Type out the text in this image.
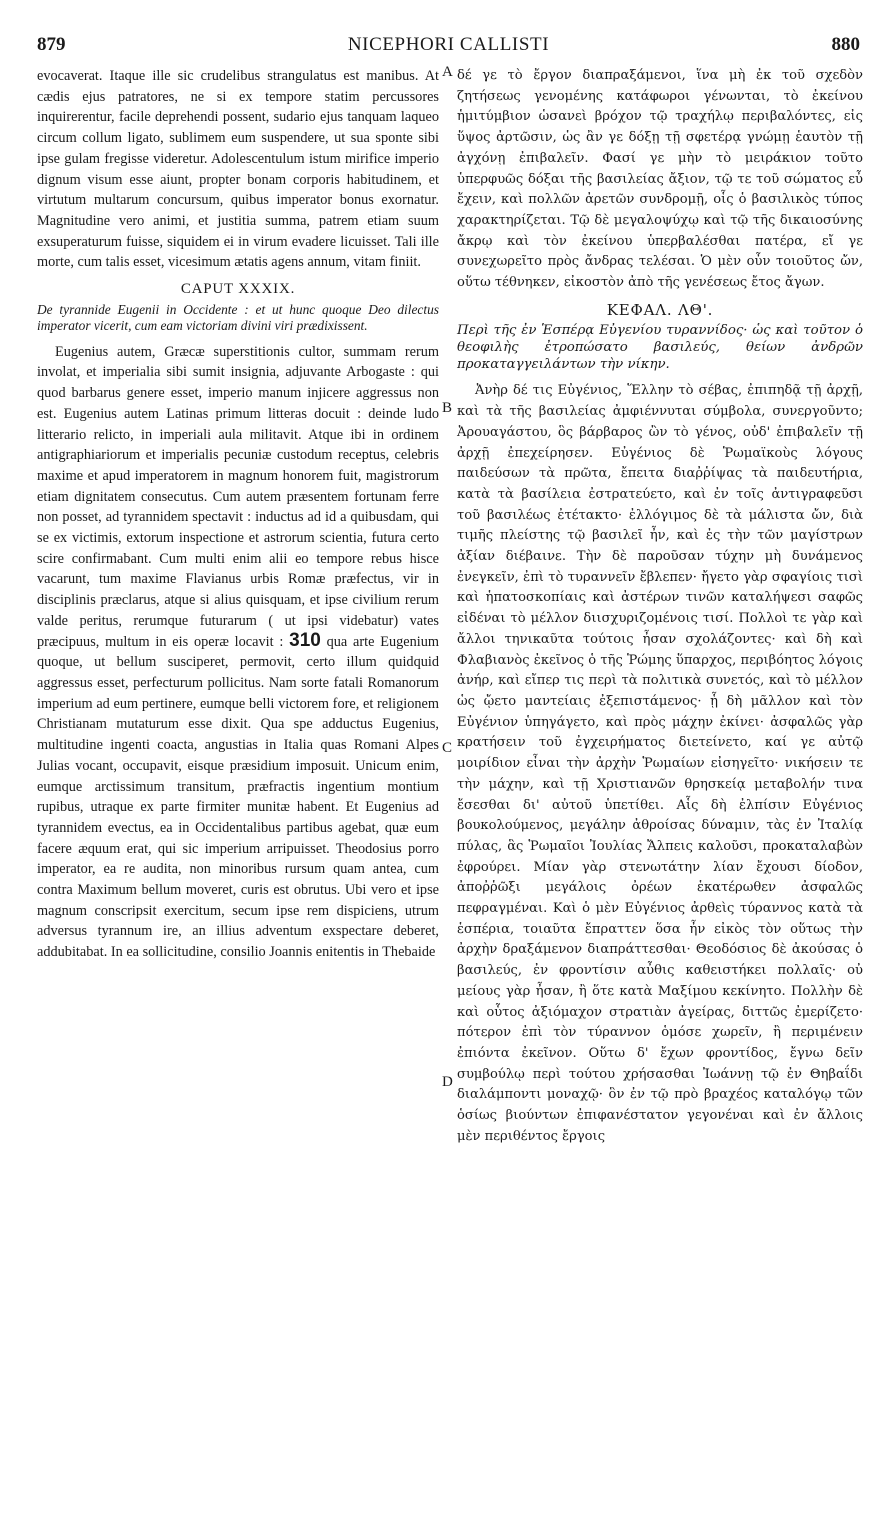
879	NICEPHORI CALLISTI	880
A
B
C
D

evocaverat. Itaque ille sic crudelibus strangulatus est manibus. At cædis ejus patratores, ne si ex tempore statim percussores inquirerentur, facile deprehendi possent, sudario ejus tanquam laqueo circum collum ligato, sublimem eum suspendere, ut sua sponte sibi ipse gulam fregisse videretur. Adolescentulum istum mirifice imperio dignum visum esse aiunt, propter bonam corporis habitudinem, et virtutum multarum concursum, quibus imperator bonus exornatur. Magnitudine vero animi, et justitia summa, patrem etiam suum exsuperaturum fuisse, siquidem ei in virum evadere licuisset. Tali ille morte, cum talis esset, vicesimum ætatis agens annum, vitam finiit.

CAPUT XXXIX.

De tyrannide Eugenii in Occidente : et ut hunc quoque Deo dilectus imperator vicerit, cum eam victoriam divini viri prædixissent.

Eugenius autem, Græcæ superstitionis cultor, summam rerum involat, et imperialia sibi sumit insignia, adjuvante Arbogaste : qui quod barbarus genere esset, imperio manum injicere aggressus non est. Eugenius autem Latinas primum litteras docuit : deinde ludo litterario relicto, in imperiali aula militavit. Atque ibi in ordinem antigraphiariorum et imperialis pecuniæ custodum receptus, celebris maxime et apud imperatorem in magnum honorem fuit, magistrorum etiam dignitatem consecutus. Cum autem præsentem fortunam ferre non posset, ad tyrannidem spectavit : inductus ad id a quibusdam, qui se ex victimis, extorum inspectione et astrorum scientia, futura certo scire confirmabant. Cum multi enim alii eo tempore rebus hisce vacarunt, tum maxime Flavianus urbis Romæ præfectus, vir in disciplinis præclarus, atque si alius quisquam, et ipse civilium rerum valde peritus, rerumque futurarum ( ut ipsi videbatur) vates præcipuus, multum in eis operæ locavit : 310 qua arte Eugenium quoque, ut bellum susciperet, permovit, certo illum quidquid aggressus esset, perfecturum pollicitus. Nam sorte fatali Romanorum imperium ad eum pertinere, eumque belli victorem fore, et religionem Christianam mutaturum esse dixit. Qua spe adductus Eugenius, multitudine ingenti coacta, angustias in Italia quas Romani Alpes Julias vocant, occupavit, eisque præsidium imposuit. Unicum enim, eumque arctissimum transitum, præfractis ingentium montium rupibus, utraque ex parte firmiter munitæ habent. Et Eugenius ad tyrannidem evectus, ea in Occidentalibus partibus agebat, quæ eum facere æquum erat, qui sic imperium arripuisset. Theodosius porro imperator, ea re audita, non minoribus rursum quam antea, cum contra Maximum bellum moveret, curis est obrutus. Ubi vero et ipse magnum conscripsit exercitum, secum ipse rem dispiciens, utrum adversus tyrannum ire, an illius adventum exspectare deberet, addubitabat. In ea sollicitudine, consilio Joannis enitentis in Thebaide

δέ γε τὸ ἔργον διαπραξάμενοι, ἵνα μὴ ἐκ τοῦ σχεδὸν ζητήσεως γενομένης κατάφωροι γένωνται, τὸ ἐκείνου ἡμιτύμβιον ὡσανεὶ βρόχον τῷ τραχήλῳ περιβαλόντες, εἰς ὕψος ἀρτῶσιν, ὡς ἂν γε δόξῃ τῇ σφετέρᾳ γνώμῃ ἑαυτὸν τῇ ἀγχόνῃ ἐπιβαλεῖν. Φασί γε μὴν τὸ μειράκιον τοῦτο ὑπερφυῶς δόξαι τῆς βασιλείας ἄξιον, τῷ τε τοῦ σώματος εὖ ἔχειν, καὶ πολλῶν ἀρετῶν συνδρομῇ, οἷς ὁ βασιλικὸς τύπος χαρακτηρίζεται. Τῷ δὲ μεγαλοψύχῳ καὶ τῷ τῆς δικαιοσύνης ἄκρῳ καὶ τὸν ἐκείνου ὑπερβαλέσθαι πατέρα, εἴ γε συνεχωρεῖτο πρὸς ἄνδρας τελέσαι. Ὁ μὲν οὖν τοιοῦτος ὤν, οὕτω τέθνηκεν, εἰκοστὸν ἀπὸ τῆς γενέσεως ἔτος ἄγων.

ΚΕΦΑΛ. ΛΘ'.

Περὶ τῆς ἐν Ἑσπέρᾳ Εὐγενίου τυραννίδος· ὡς καὶ τοῦτον ὁ θεοφιλὴς ἐτροπώσατο βασιλεύς, θείων ἀνδρῶν προκαταγγειλάντων τὴν νίκην.

Ἀνὴρ δέ τις Εὐγένιος, Ἕλλην τὸ σέβας, ἐπιπηδᾷ τῇ ἀρχῇ, καὶ τὰ τῆς βασιλείας ἀμφιέννυται σύμβολα, συνεργοῦντο; Ἀρουαγάστου, ὃς βάρβαρος ὢν τὸ γένος, οὐδ' ἐπιβαλεῖν τῇ ἀρχῇ ἐπεχείρησεν. Εὐγένιος δὲ Ῥωμαϊκοὺς λόγους παιδεύσων τὰ πρῶτα, ἔπειτα διαῤῥίψας τὰ παιδευτήρια, κατὰ τὰ βασίλεια ἐστρατεύετο, καὶ ἐν τοῖς ἀντιγραφεῦσι τοῦ βασιλέως ἐτέτακτο· ἐλλόγιμος δὲ τὰ μάλιστα ὤν, διὰ τιμῆς πλείστης τῷ βασιλεῖ ἦν, καὶ ἐς τὴν τῶν μαγίστρων ἀξίαν διέβαινε. Τὴν δὲ παροῦσαν τύχην μὴ δυνάμενος ἐνεγκεῖν, ἐπὶ τὸ τυραννεῖν ἔβλεπεν· ἤγετο γὰρ σφαγίοις τισὶ καὶ ἡπατοσκοπίαις καὶ ἀστέρων τινῶν καταλήψεσι σαφῶς εἰδέναι τὸ μέλλον διισχυριζομένοις τισί. Πολλοὶ τε γὰρ καὶ ἄλλοι τηνικαῦτα τούτοις ἦσαν σχολάζοντες· καὶ δὴ καὶ Φλαβιανὸς ἐκεῖνος ὁ τῆς Ῥώμης ὕπαρχος, περιβόητος λόγοις ἀνήρ, καὶ εἴπερ τις περὶ τὰ πολιτικὰ συνετός, καὶ τὸ μέλλον ὡς ᾤετο μαντείαις ἐξεπιστάμενος· ᾗ δὴ μᾶλλον καὶ τὸν Εὐγένιον ὑπηγάγετο, καὶ πρὸς μάχην ἐκίνει· ἀσφαλῶς γὰρ κρατήσειν τοῦ ἐγχειρήματος διετείνετο, καί γε αὐτῷ μοιρίδιον εἶναι τὴν ἀρχὴν Ῥωμαίων εἰσηγεῖτο· νικήσειν τε τὴν μάχην, καὶ τῇ Χριστιανῶν θρησκείᾳ μεταβολήν τινα ἔσεσθαι δι' αὐτοῦ ὑπετίθει. Αἷς δὴ ἐλπίσιν Εὐγένιος βουκολούμενος, μεγάλην ἀθροίσας δύναμιν, τὰς ἐν Ἰταλίᾳ πύλας, ἃς Ῥωμαῖοι Ἰουλίας Ἄλπεις καλοῦσι, προκαταλαβὼν ἐφρούρει. Μίαν γὰρ στενωτάτην λίαν ἔχουσι δίοδον, ἀποῤῥῶξι μεγάλοις ὀρέων ἑκατέρωθεν ἀσφαλῶς πεφραγμέναι. Καὶ ὁ μὲν Εὐγένιος ἀρθεὶς τύραννος κατὰ τὰ ἑσπέρια, τοιαῦτα ἔπραττεν ὅσα ἦν εἰκὸς τὸν οὕτως τὴν ἀρχὴν δραξάμενον διαπράττεσθαι· Θεοδόσιος δὲ ἀκούσας ὁ βασιλεύς, ἐν φροντίσιν αὖθις καθειστήκει πολλαῖς· οὐ μείους γὰρ ἦσαν, ἢ ὅτε κατὰ Μαξίμου κεκίνητο. Πολλὴν δὲ καὶ οὗτος ἀξιόμαχον στρατιὰν ἀγείρας, διττῶς ἐμερίζετο· πότερον ἐπὶ τὸν τύραννον ὁμόσε χωρεῖν, ἢ περιμένειν ἐπιόντα ἐκεῖνον. Οὕτω δ' ἔχων φροντίδος, ἔγνω δεῖν συμβούλῳ περὶ τούτου χρήσασθαι Ἰωάννῃ τῷ ἐν Θηβαΐδι διαλάμποντι μοναχῷ· ὃν ἐν τῷ πρὸ βραχέος καταλόγῳ τῶν ὁσίως βιούντων ἐπιφανέστατον γεγονέναι καὶ ἐν ἄλλοις μὲν περιθέντος ἔργοις
